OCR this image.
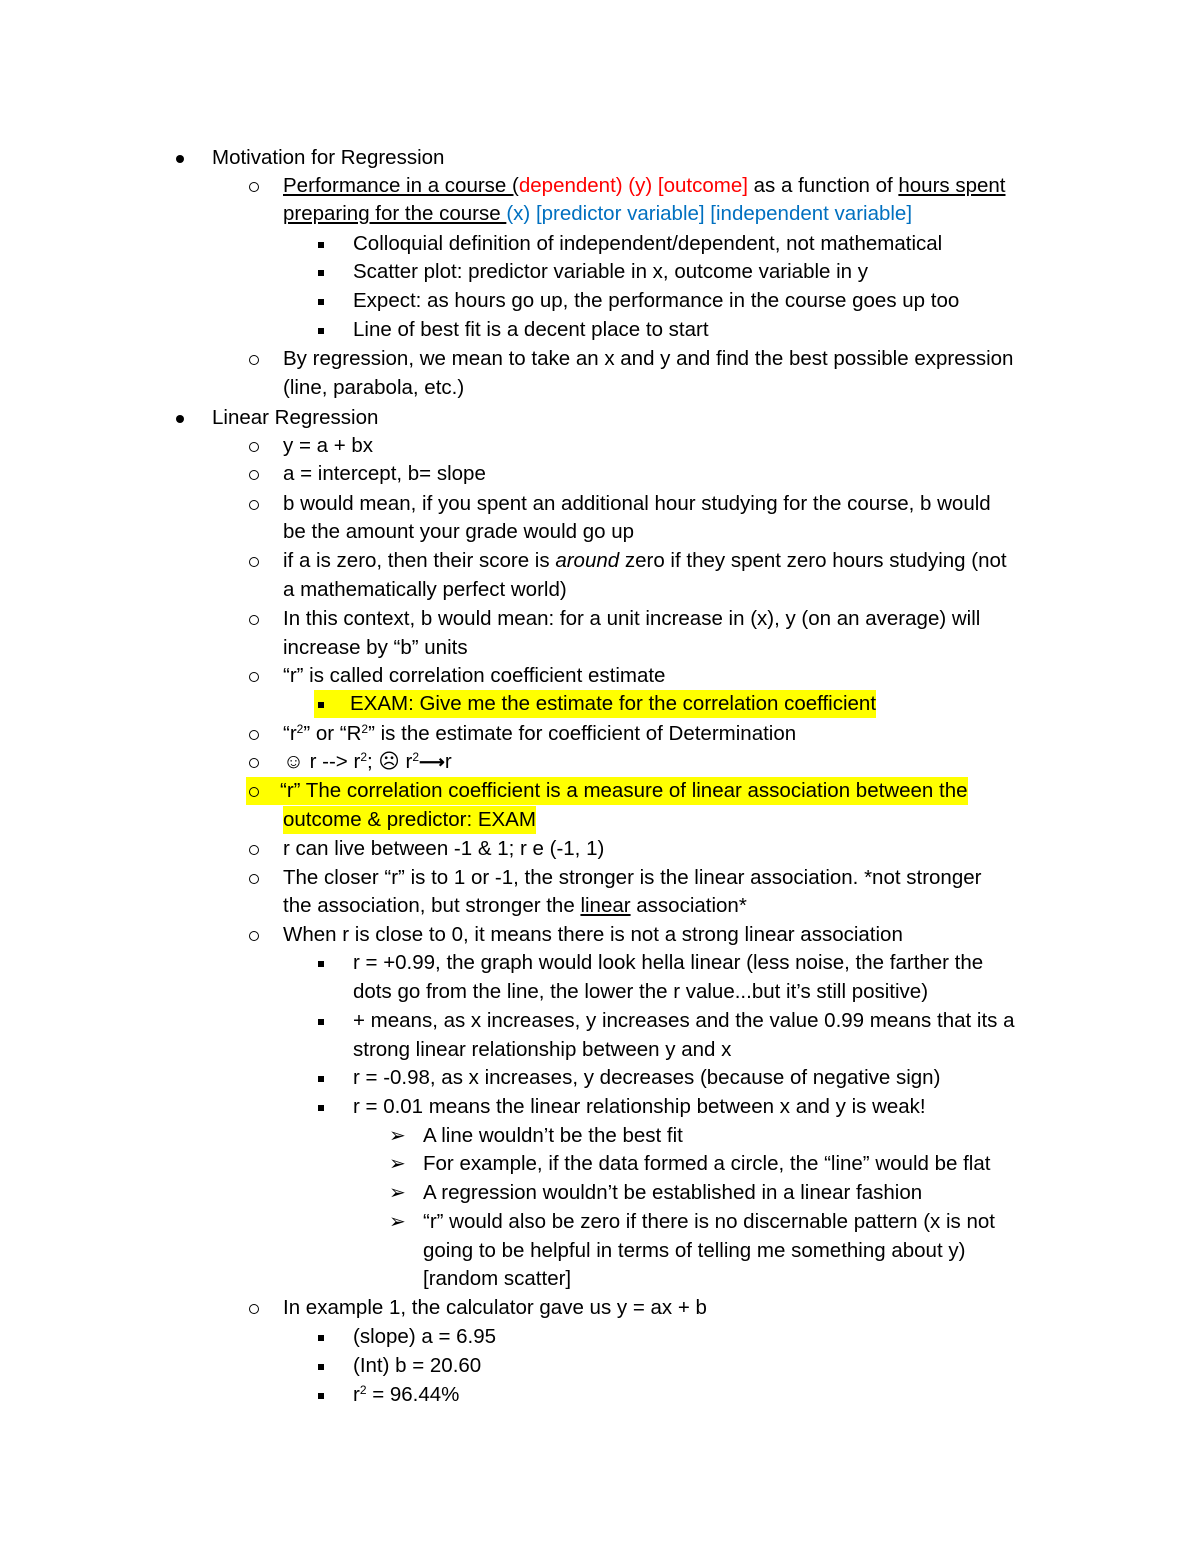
Motivation for Regression
Performance in a course (dependent) (y) [outcome] as a function of hours spent
preparing for the course (x) [predictor variable] [independent variable]
Colloquial definition of independent/dependent, not mathematical
Scatter plot: predictor variable in x, outcome variable in y
Expect: as hours go up, the performance in the course goes up too
Line of best fit is a decent place to start
By regression, we mean to take an x and y and find the best possible expression
(line, parabola, etc.)
Linear Regression
y = a + bx
a = intercept, b= slope
b would mean, if you spent an additional hour studying for the course, b would
be the amount your grade would go up
if a is zero, then their score is around zero if they spent zero hours studying (not
a mathematically perfect world)
In this context, b would mean: for a unit increase in (x), y (on an average) will
increase by “b” units
“r” is called correlation coefficient estimate
EXAM: Give me the estimate for the correlation coefficient
“$r^2$” or “$R^2$” is the estimate for coefficient of Determination
☺ r --> $r^2$; ☹ $r^2⟶r$
“r” The correlation coefficient is a measure of linear association between the
outcome & predictor: EXAM
r can live between -1 & 1; r e (-1, 1)
The closer “r” is to 1 or -1, the stronger is the linear association. *not stronger
the association, but stronger the linear association*
When r is close to 0, it means there is not a strong linear association
r = +0.99, the graph would look hella linear (less noise, the farther the
dots go from the line, the lower the r value...but it’s still positive)
+ means, as x increases, y increases and the value 0.99 means that its a
strong linear relationship between y and x
r = -0.98, as x increases, y decreases (because of negative sign)
r = 0.01 means the linear relationship between x and y is weak!
➢ A line wouldn’t be the best fit
➢ For example, if the data formed a circle, the “line” would be flat
➢ A regression wouldn’t be established in a linear fashion
➢ “r” would also be zero if there is no discernable pattern (x is not
going to be helpful in terms of telling me something about y)
[random scatter]
In example 1, the calculator gave us y = ax + b
(slope) a = 6.95
(Int) b = 20.60
$r^2 = 96.44\%$
